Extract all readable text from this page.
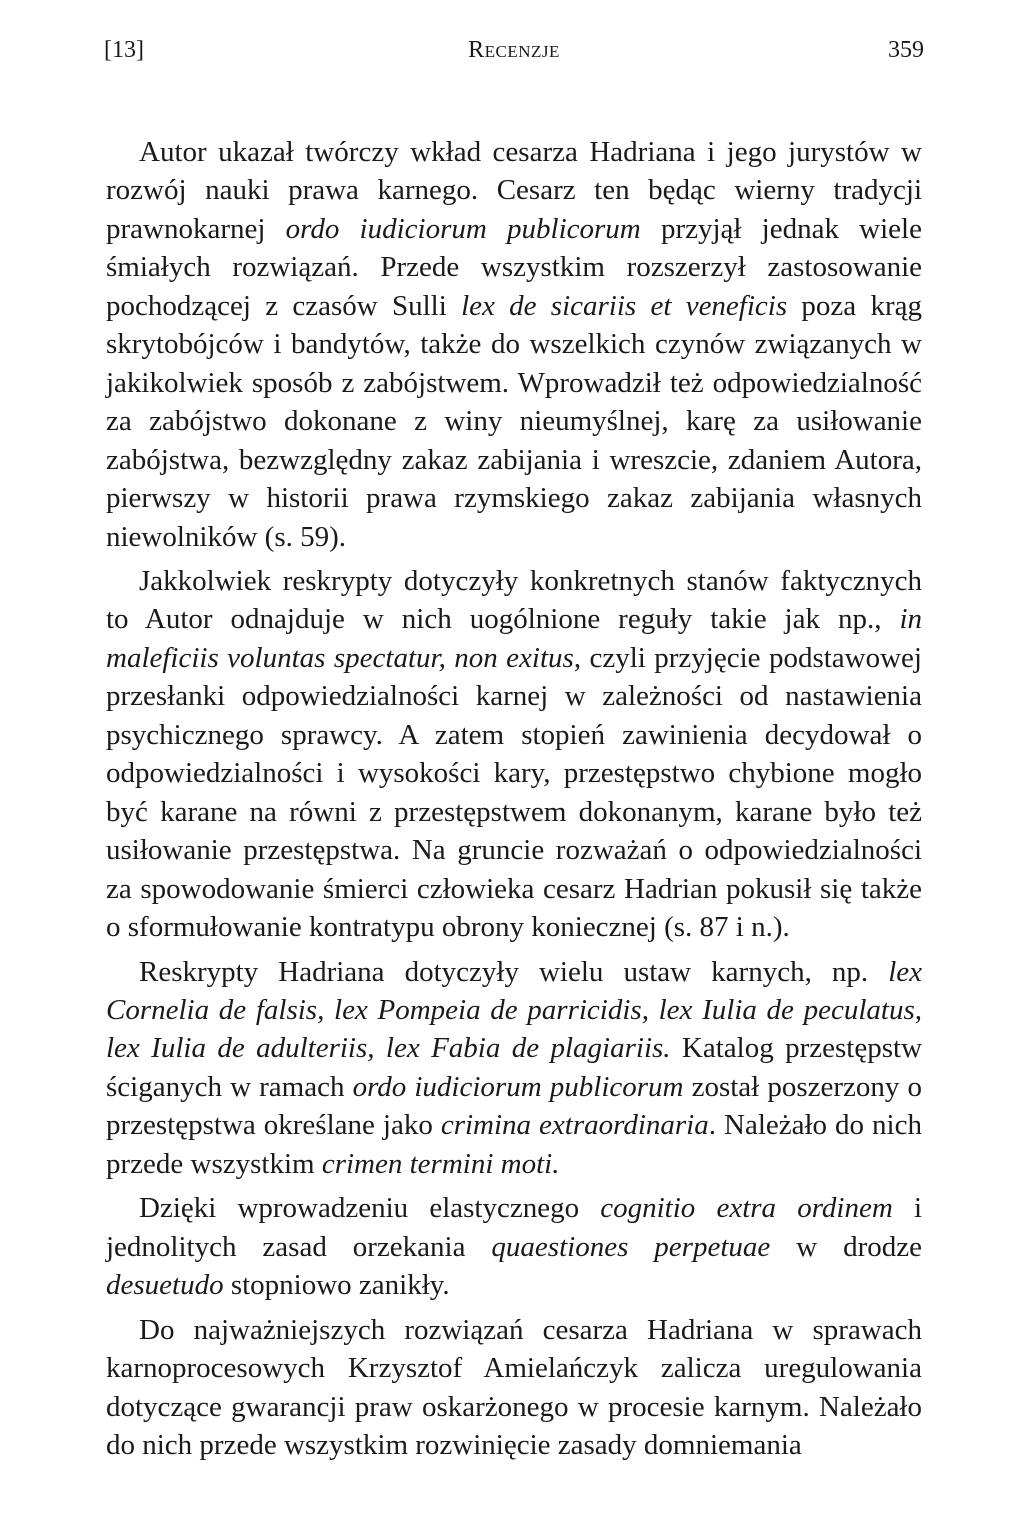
[13]	Recenzje	359

Autor ukazał twórczy wkład cesarza Hadriana i jego jurystów w rozwój nauki prawa karnego. Cesarz ten będąc wierny tradycji prawnokarnej ordo iudiciorum publicorum przyjął jednak wiele śmiałych rozwiązań. Przede wszystkim rozszerzył zastosowanie pochodzącej z czasów Sulli lex de sicariis et veneficis poza krąg skrytobójców i bandytów, także do wszelkich czynów związanych w jakikolwiek sposób z zabójstwem. Wprowadził też odpowiedzialność za zabójstwo dokonane z winy nieumyślnej, karę za usiłowanie zabójstwa, bezwzględny zakaz zabijania i wreszcie, zdaniem Autora, pierwszy w historii prawa rzymskiego zakaz zabijania własnych niewolników (s. 59).

Jakkolwiek reskrypty dotyczyły konkretnych stanów faktycznych to Autor odnajduje w nich uogólnione reguły takie jak np., in maleficiis voluntas spectatur, non exitus, czyli przyjęcie podstawowej przesłanki odpowiedzialności karnej w zależności od nastawienia psychicznego sprawcy. A zatem stopień zawinienia decydował o odpowiedzialności i wysokości kary, przestępstwo chybione mogło być karane na równi z przestępstwem dokonanym, karane było też usiłowanie przestępstwa. Na gruncie rozważań o odpowiedzialności za spowodowanie śmierci człowieka cesarz Hadrian pokusił się także o sformułowanie kontratypu obrony koniecznej (s. 87 i n.).

Reskrypty Hadriana dotyczyły wielu ustaw karnych, np. lex Cornelia de falsis, lex Pompeia de parricidis, lex Iulia de peculatus, lex Iulia de adulteriis, lex Fabia de plagiariis. Katalog przestępstw ściganych w ramach ordo iudiciorum publicorum został poszerzony o przestępstwa określane jako crimina extraordinaria. Należało do nich przede wszystkim crimen termini moti.

Dzięki wprowadzeniu elastycznego cognitio extra ordinem i jednolitych zasad orzekania quaestiones perpetuae w drodze desuetudo stopniowo zanikły.

Do najważniejszych rozwiązań cesarza Hadriana w sprawach karnoprocesowych Krzysztof Amielańczyk zalicza uregulowania dotyczące gwarancji praw oskarżonego w procesie karnym. Należało do nich przede wszystkim rozwinięcie zasady domniemania
